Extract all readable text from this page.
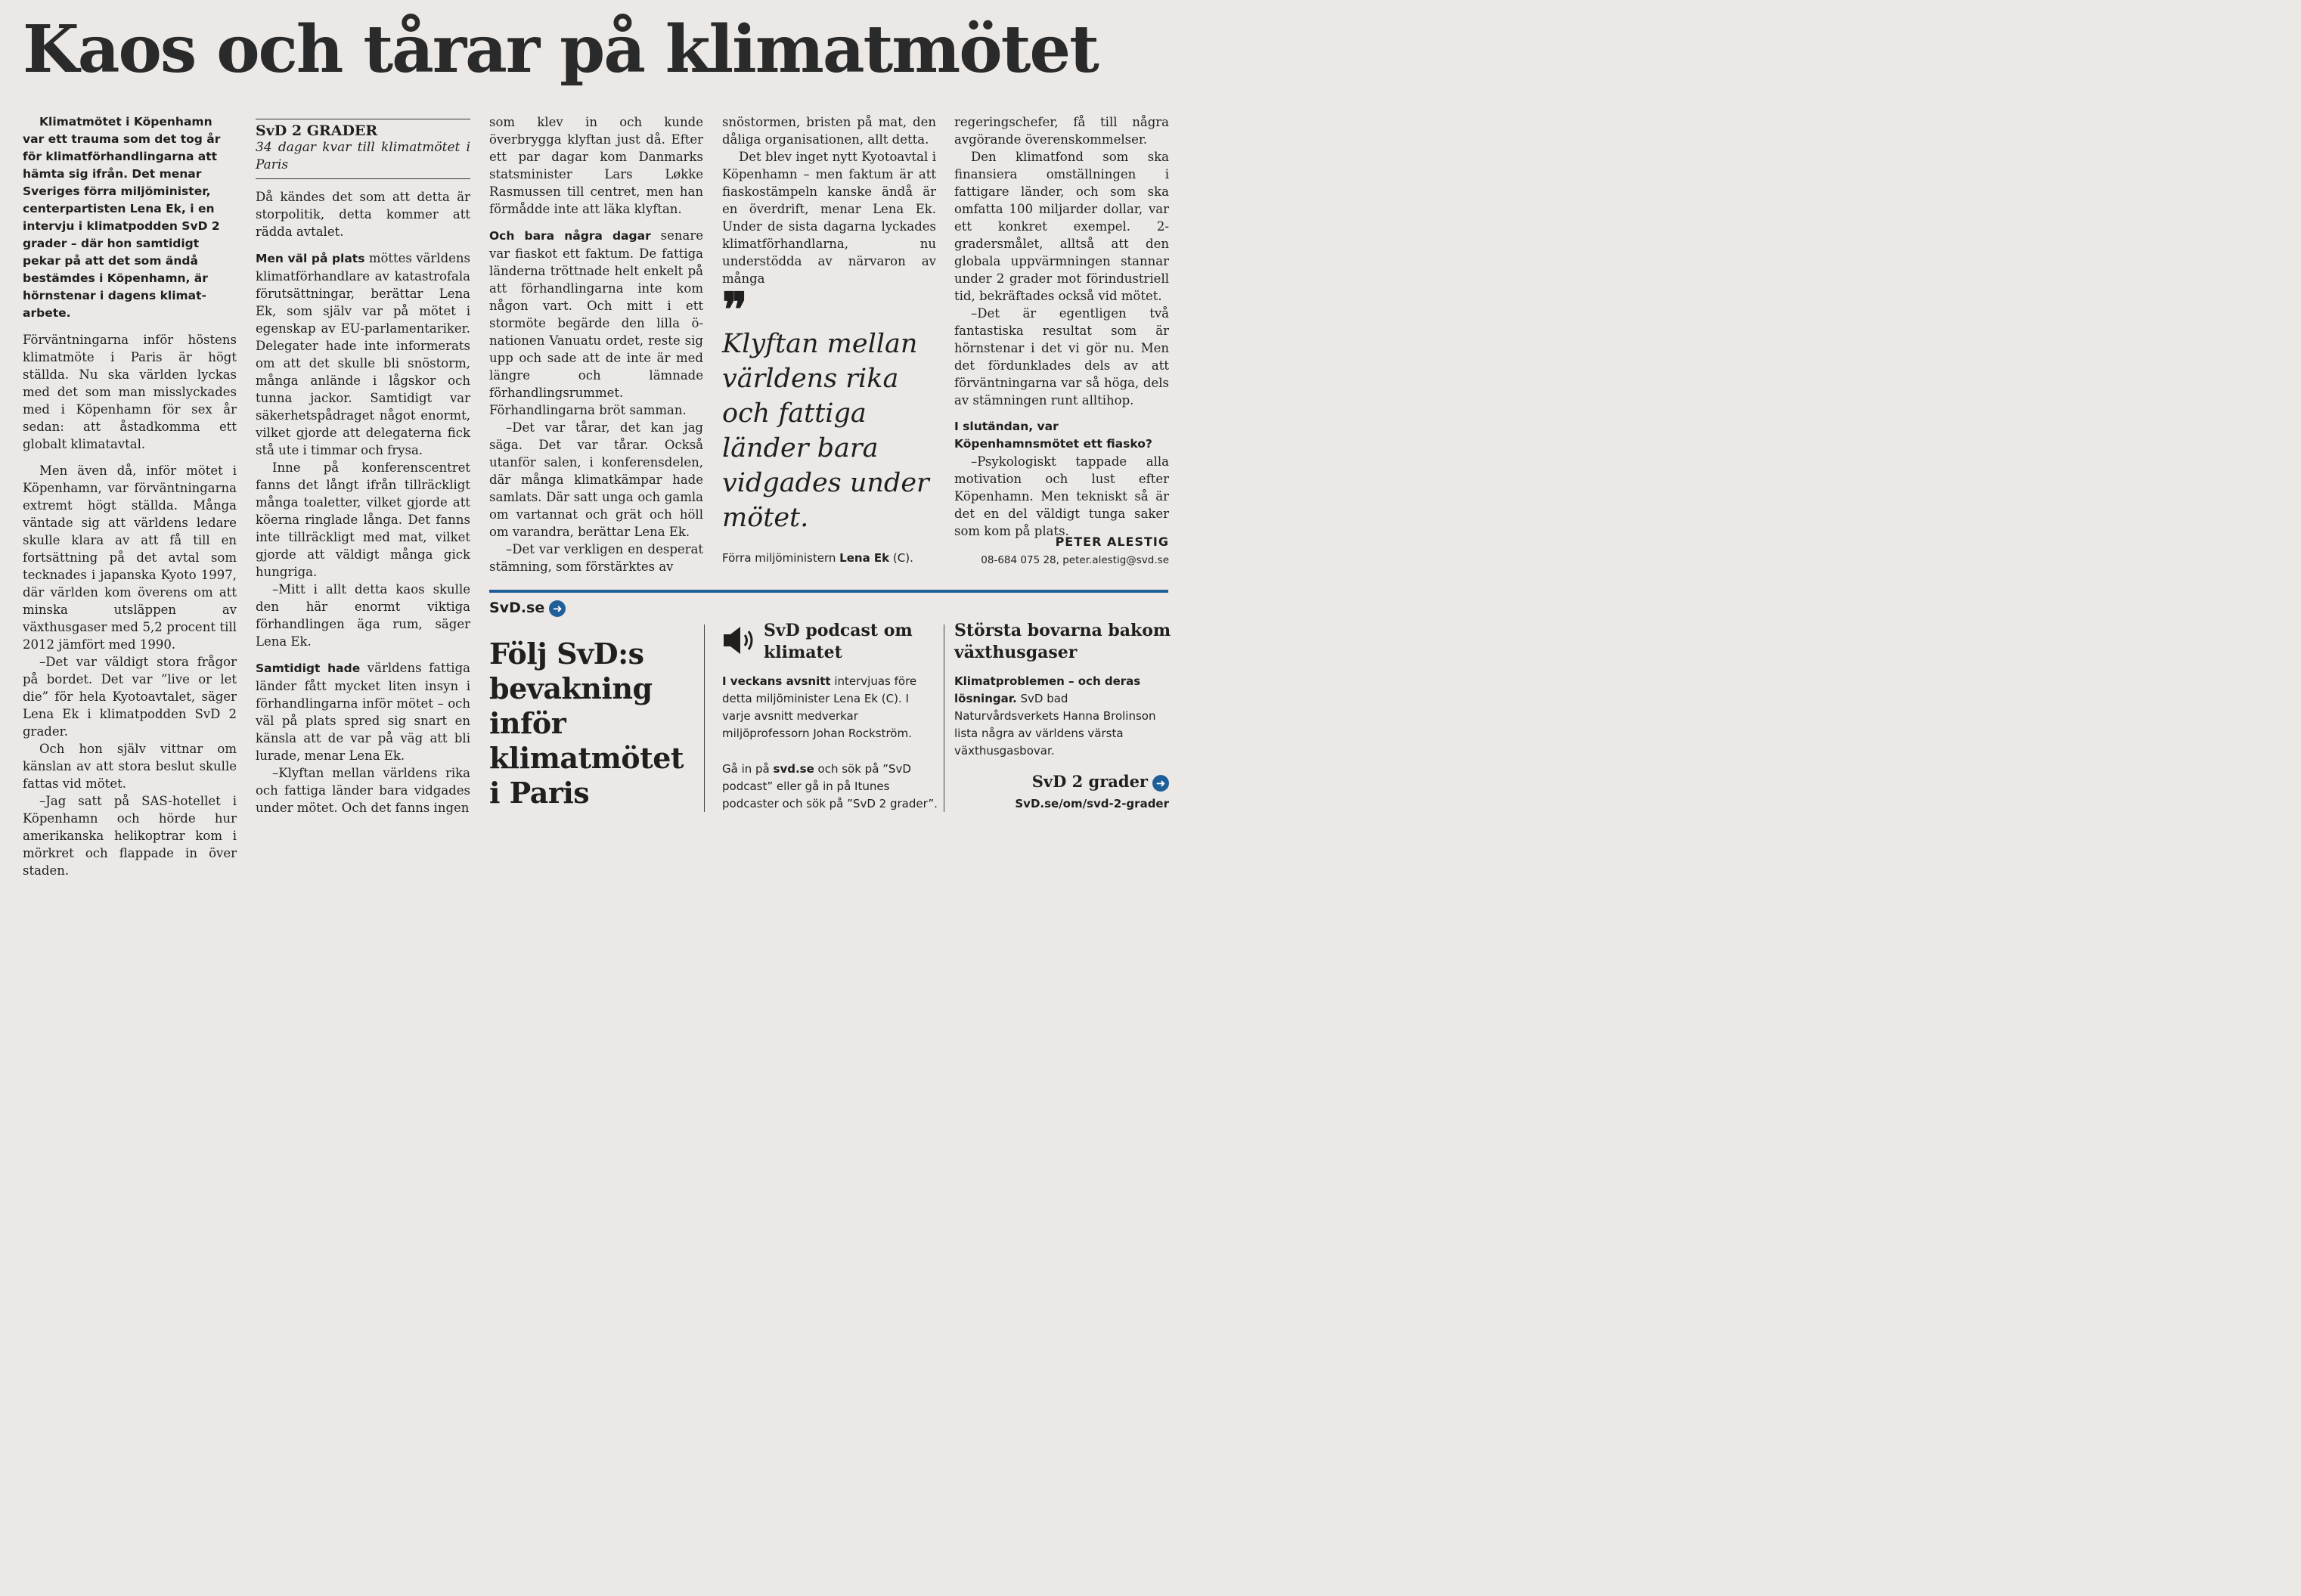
Kaos och tårar på klimatmötet

Klimatmötet i Köpenhamn var ett trauma som det tog år för klimatförhandlingarna att hämta sig ifrån. Det menar Sveriges förra miljöminister, centerpartisten Lena Ek, i en intervju i klimatpodden SvD 2 grader – där hon samtidigt pekar på att det som ändå bestämdes i Köpenhamn, är hörnstenar i dagens klimatarbete.

Förväntningarna inför höstens klimatmöte i Paris är högt ställda. Nu ska världen lyckas med det som man misslyckades med i Köpenhamn för sex år sedan: att åstadkomma ett globalt klimatavtal.

Men även då, inför mötet i Köpenhamn, var förväntningarna extremt högt ställda. Många väntade sig att världens ledare skulle klara av att få till en fortsättning på det avtal som tecknades i japanska Kyoto 1997, där världen kom överens om att minska utsläppen av växthusgaser med 5,2 procent till 2012 jämfört med 1990.

–Det var väldigt stora frågor på bordet. Det var ”live or let die” för hela Kyotoavtalet, säger Lena Ek i klimatpodden SvD 2 grader.

Och hon själv vittnar om känslan av att stora beslut skulle fattas vid mötet.

–Jag satt på SAS-hotellet i Köpenhamn och hörde hur amerikanska helikoptrar kom i mörkret och flappade in över staden.

SvD 2 GRADER

34 dagar kvar till klimatmötet i Paris

Då kändes det som att detta är storpolitik, detta kommer att rädda avtalet.

Men väl på plats möttes världens klimatförhandlare av katastrofala förutsättningar, berättar Lena Ek, som själv var på mötet i egenskap av EU-parlamentariker. Delegater hade inte informerats om att det skulle bli snöstorm, många anlände i lågskor och tunna jackor. Samtidigt var säkerhetspådraget något enormt, vilket gjorde att delegaterna fick stå ute i timmar och frysa.

Inne på konferenscentret fanns det långt ifrån tillräckligt många toaletter, vilket gjorde att köerna ringlade långa. Det fanns inte tillräckligt med mat, vilket gjorde att väldigt många gick hungriga.

–Mitt i allt detta kaos skulle den här enormt viktiga förhandlingen äga rum, säger Lena Ek.

Samtidigt hade världens fattiga länder fått mycket liten insyn i förhandlingarna inför mötet – och väl på plats spred sig snart en känsla att de var på väg att bli lurade, menar Lena Ek.

–Klyftan mellan världens rika och fattiga länder bara vidgades under mötet. Och det fanns ingen

som klev in och kunde överbrygga klyftan just då. Efter ett par dagar kom Danmarks statsminister Lars Løkke Rasmussen till centret, men han förmådde inte att läka klyftan.

Och bara några dagar senare var fiaskot ett faktum. De fattiga länderna tröttnade helt enkelt på att förhandlingarna inte kom någon vart. Och mitt i ett stormöte begärde den lilla ö-nationen Vanuatu ordet, reste sig upp och sade att de inte är med längre och lämnade förhandlingsrummet. Förhandlingarna bröt samman.

–Det var tårar, det kan jag säga. Det var tårar. Också utanför salen, i konferensdelen, där många klimatkämpar hade samlats. Där satt unga och gamla om vartannat och grät och höll om varandra, berättar Lena Ek.

–Det var verkligen en desperat stämning, som förstärktes av

snöstormen, bristen på mat, den dåliga organisationen, allt detta.

Det blev inget nytt Kyotoavtal i Köpenhamn – men faktum är att fiaskostämpeln kanske ändå är en överdrift, menar Lena Ek. Under de sista dagarna lyckades klimatförhandlarna, nu understödda av närvaron av många

❞

Klyftan mellan världens rika och fattiga länder bara vidgades under mötet.

Förra miljöministern Lena Ek (C).

regeringschefer, få till några avgörande överenskommelser.

Den klimatfond som ska finansiera omställningen i fattigare länder, och som ska omfatta 100 miljarder dollar, var ett konkret exempel. 2-gradersmålet, alltså att den globala uppvärmningen stannar under 2 grader mot förindustriell tid, bekräftades också vid mötet.

–Det är egentligen två fantastiska resultat som är hörnstenar i det vi gör nu. Men det fördunklades dels av att förväntningarna var så höga, dels av stämningen runt alltihop.

I slutändan, var Köpenhamnsmötet ett fiasko?

–Psykologiskt tappade alla motivation och lust efter Köpenhamn. Men tekniskt så är det en del väldigt tunga saker som kom på plats.

PETER ALESTIG

08-684 075 28, peter.alestig@svd.se

SvD.se ➜

Följ SvD:s bevakning inför klimatmötet i Paris

SvD podcast om klimatet

I veckans avsnitt intervjuas före detta miljöminister Lena Ek (C). I varje avsnitt medverkar miljöprofessorn Johan Rockström.

Gå in på svd.se och sök på ”SvD podcast” eller gå in på Itunes podcaster och sök på ”SvD 2 grader”.

Största bovarna bakom växthusgaser

Klimatproblemen – och deras lösningar. SvD bad Naturvårdsverkets Hanna Brolinson lista några av världens värsta växthusgasbovar.

SvD 2 grader ➜

SvD.se/om/svd-2-grader
